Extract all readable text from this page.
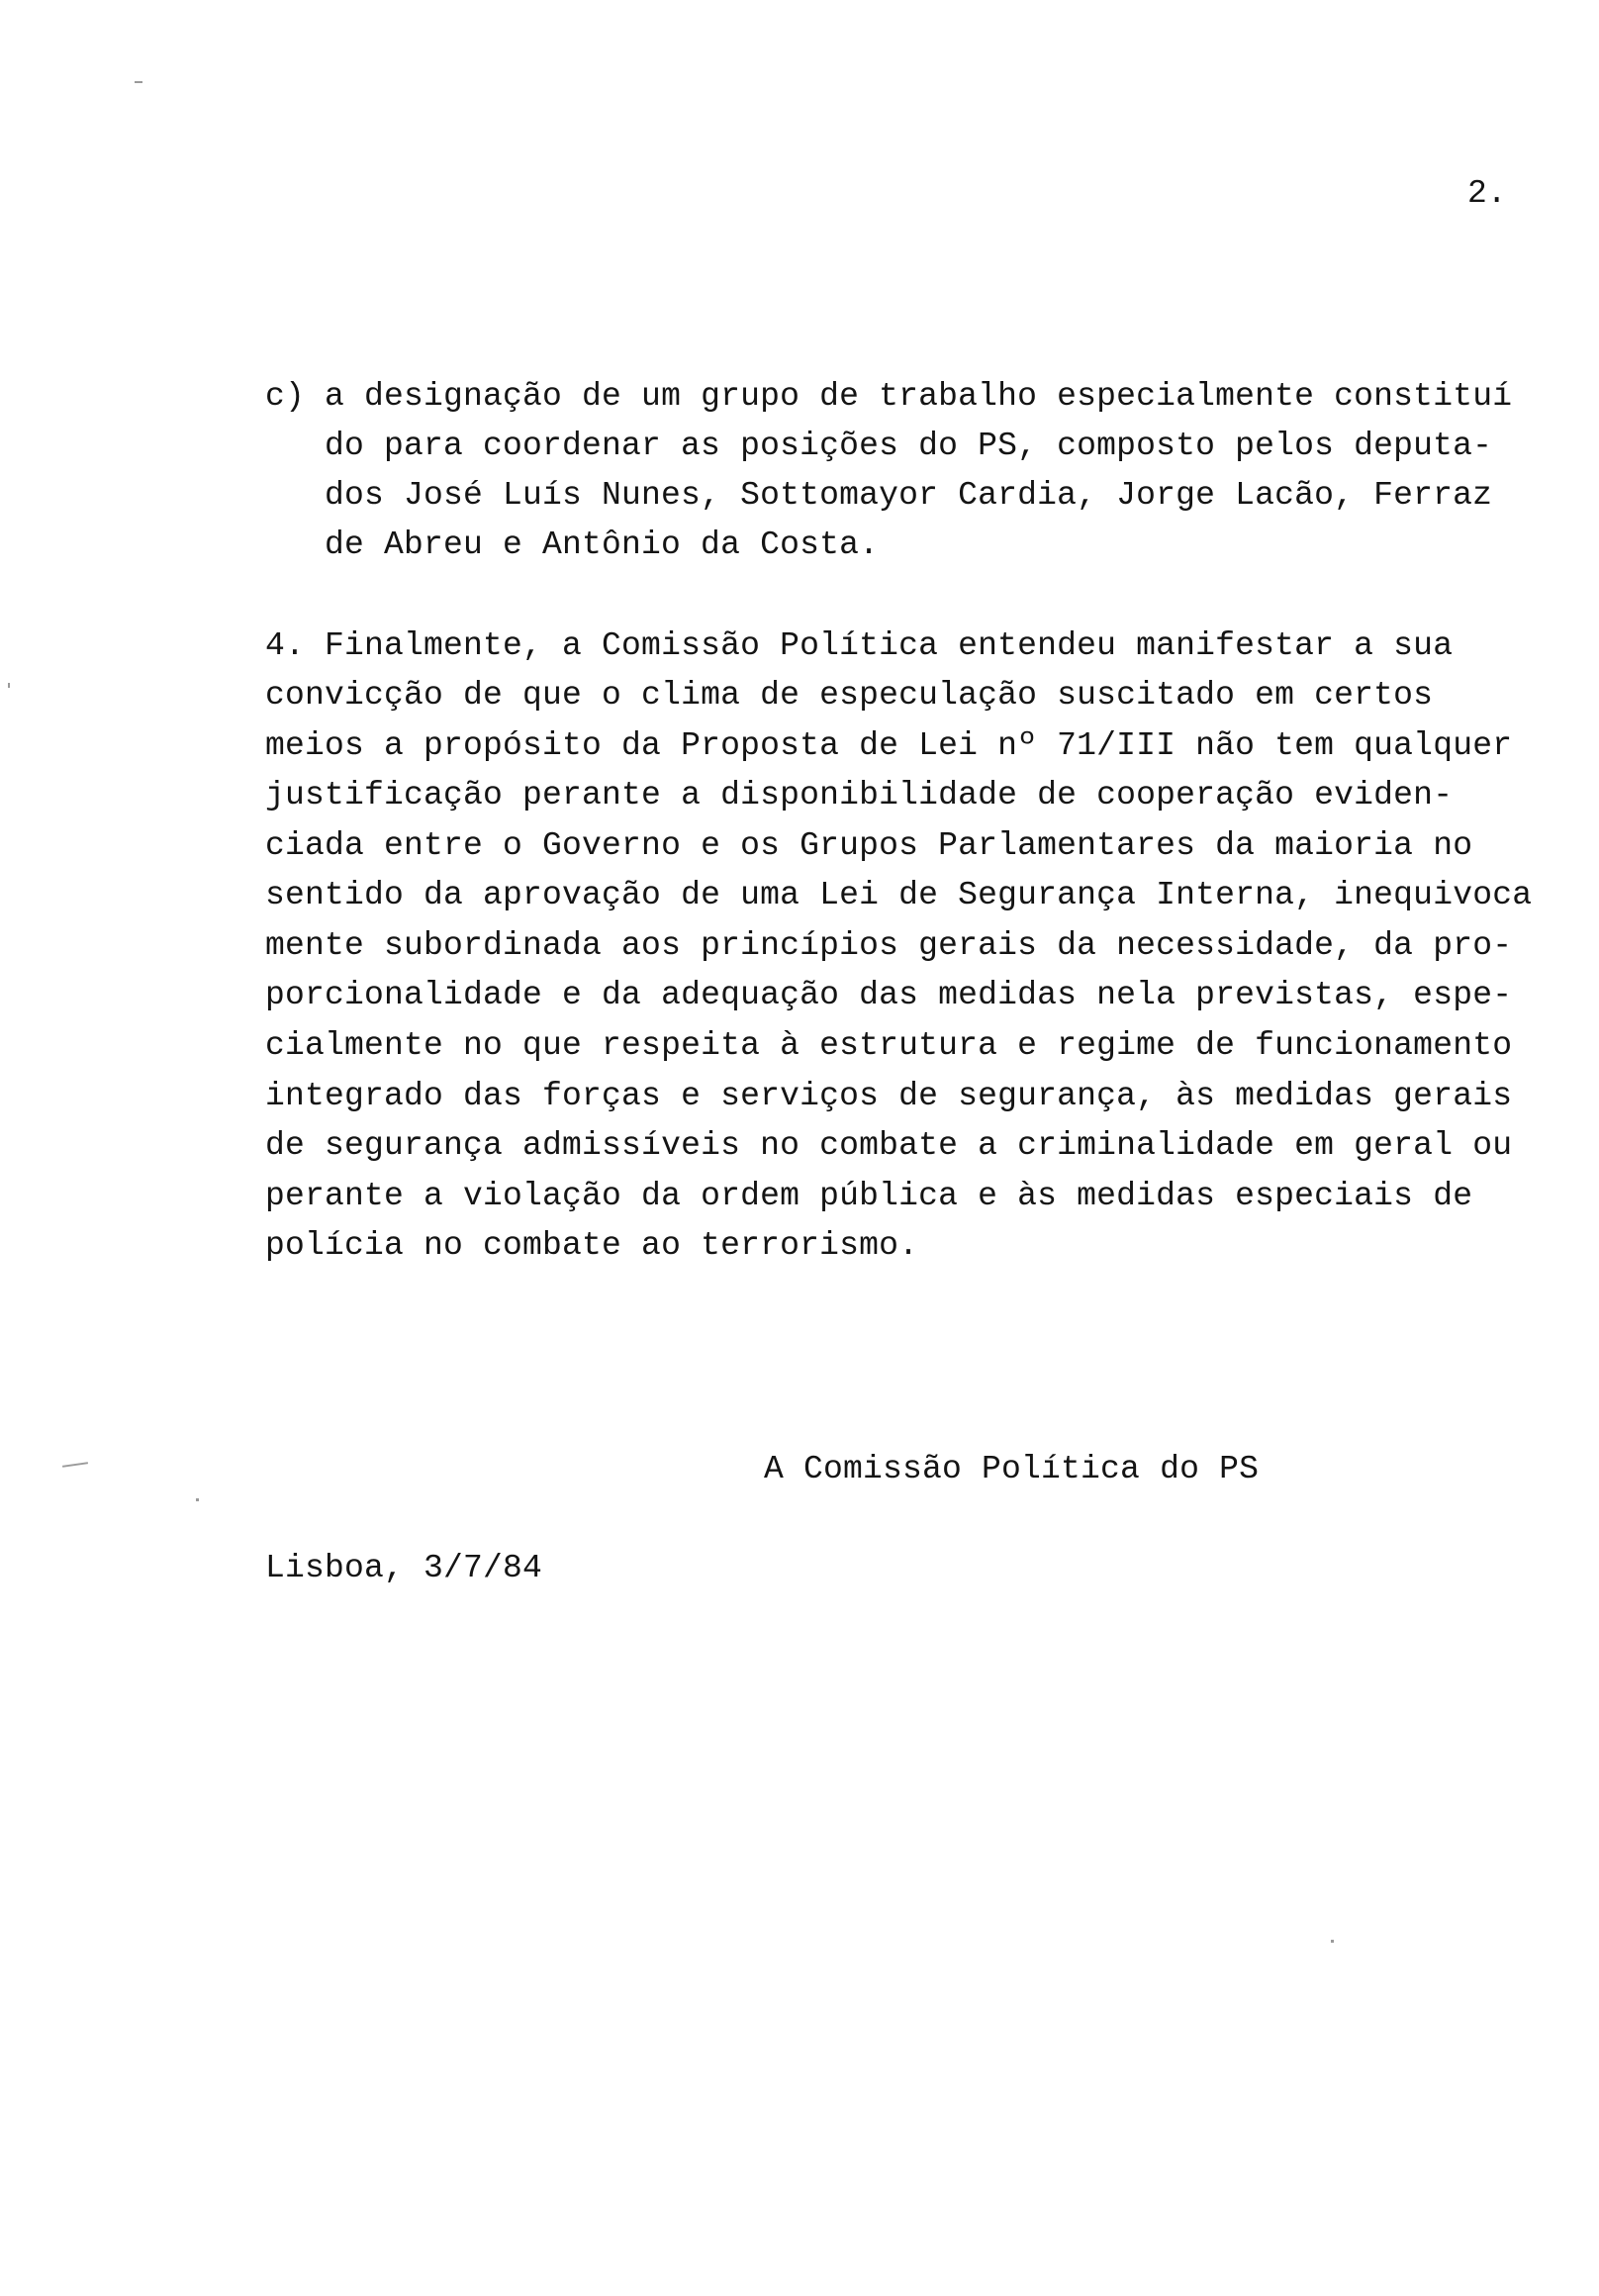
2.
c) a designação de um grupo de trabalho especialmente constituí
do para coordenar as posições do PS, composto pelos deputa-
dos José Luís Nunes, Sottomayor Cardia, Jorge Lacão, Ferraz
de Abreu e Antônio da Costa.
4. Finalmente, a Comissão Política entendeu manifestar a sua
convicção de que o clima de especulação suscitado em certos
meios a propósito da Proposta de Lei nº 71/III não tem qualquer
justificação perante a disponibilidade de cooperação eviden-
ciada entre o Governo e os Grupos Parlamentares da maioria no
sentido da aprovação de uma Lei de Segurança Interna, inequivoca
mente subordinada aos princípios gerais da necessidade, da pro-
porcionalidade e da adequação das medidas nela previstas, espe-
cialmente no que respeita à estrutura e regime de funcionamento
integrado das forças e serviços de segurança, às medidas gerais
de segurança admissíveis no combate a criminalidade em geral ou
perante a violação da ordem pública e às medidas especiais de
polícia no combate ao terrorismo.
A Comissão Política do PS
Lisboa, 3/7/84
